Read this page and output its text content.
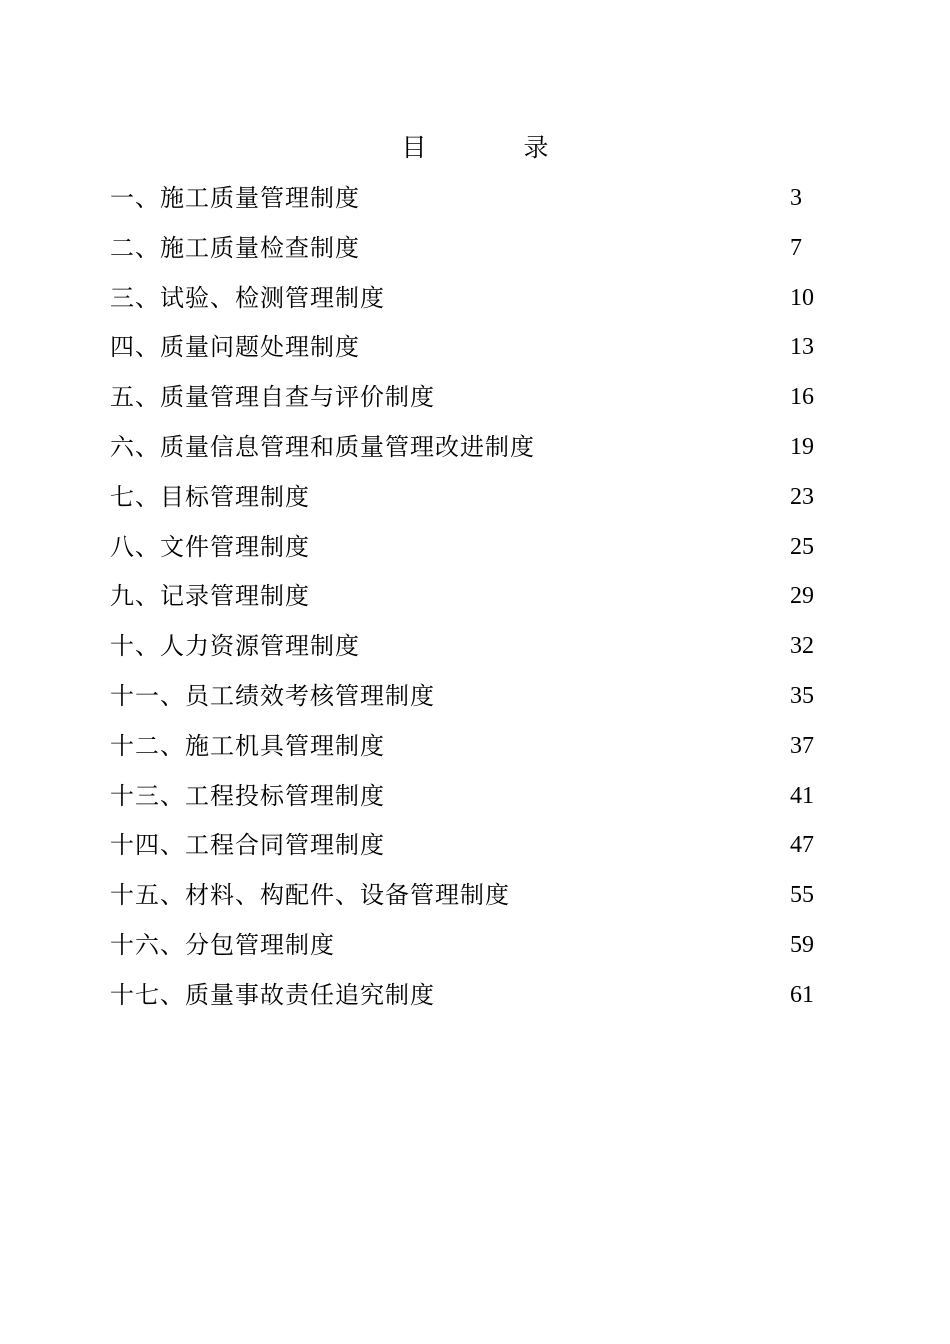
目　录
一、施工质量管理制度	3
二、施工质量检查制度	7
三、试验、检测管理制度	10
四、质量问题处理制度	13
五、质量管理自查与评价制度	16
六、质量信息管理和质量管理改进制度	19
七、目标管理制度	23
八、文件管理制度	25
九、记录管理制度	29
十、人力资源管理制度	32
十一、员工绩效考核管理制度	35
十二、施工机具管理制度	37
十三、工程投标管理制度	41
十四、工程合同管理制度	47
十五、材料、构配件、设备管理制度	55
十六、分包管理制度	59
十七、质量事故责任追究制度	61
